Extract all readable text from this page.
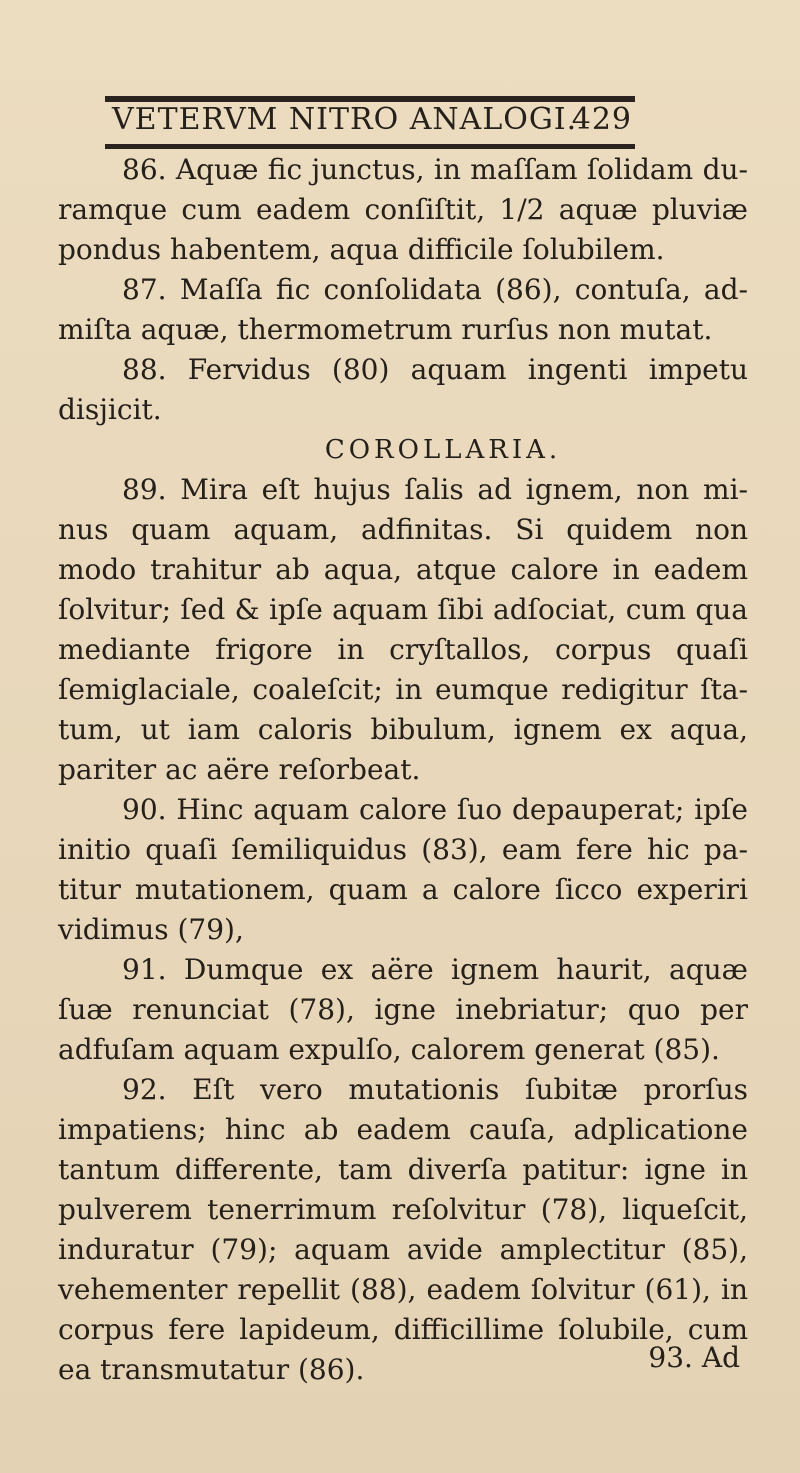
VETERVM NITRO ANALOGI.
429

86. Aquæ fic junctus, in maſſam ſolidam duramque cum eadem conſiſtit, 1/2 aquæ pluviæ pondus habentem, aqua difficile ſolubilem.

87. Maſſa fic conſolidata (86), contuſa, admiſta aquæ, thermometrum rurſus non mutat.

88. Fervidus (80) aquam ingenti impetu disjicit.

COROLLARIA.

89. Mira eſt hujus ſalis ad ignem, non minus quam aquam, adfinitas. Si quidem non modo trahitur ab aqua, atque calore in eadem ſolvitur; ſed & ipſe aquam ſibi adſociat, cum qua mediante frigore in cryſtallos, corpus quaſi ſemiglaciale, coaleſcit; in eumque redigitur ſtatum, ut iam caloris bibulum, ignem ex aqua, pariter ac aëre reſorbeat.

90. Hinc aquam calore ſuo depauperat; ipſe initio quaſi ſemiliquidus (83), eam fere hic patitur mutationem, quam a calore ſicco experiri vidimus (79),

91. Dumque ex aëre ignem haurit, aquæ ſuæ renunciat (78), igne inebriatur; quo per adfuſam aquam expulſo, calorem generat (85).

92. Eſt vero mutationis ſubitæ prorſus impatiens; hinc ab eadem cauſa, adplicatione tantum differente, tam diverſa patitur: igne in pulverem tenerrimum reſolvitur (78), liqueſcit, induratur (79); aquam avide amplectitur (85), vehementer repellit (88), eadem ſolvitur (61), in corpus fere lapideum, difficillime ſolubile, cum ea transmutatur (86).	93. Ad
